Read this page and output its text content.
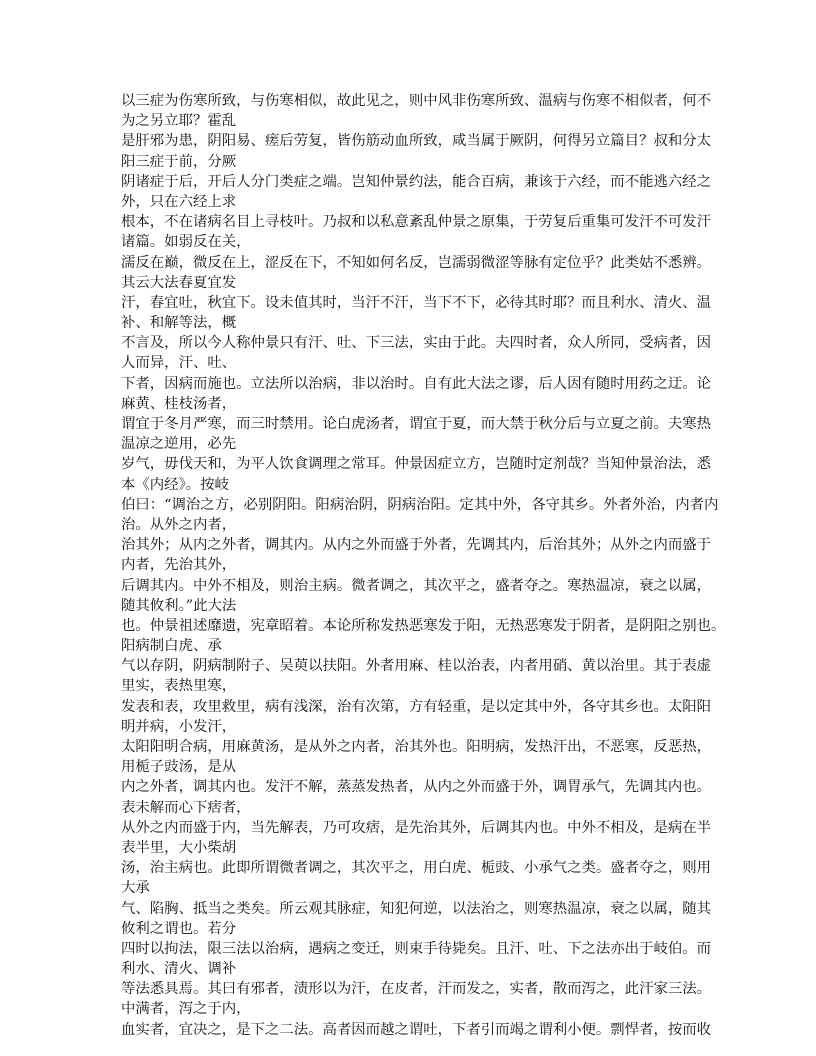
以三症为伤寒所致，与伤寒相似，故此见之，则中风非伤寒所致、温病与伤寒不相似者，何不
为之另立耶？霍乱
是肝邪为患，阴阳易、瘥后劳复，皆伤筋动血所致，咸当属于厥阴，何得另立篇目？叔和分太
阳三症于前，分厥
阴诸症于后，开后人分门类症之端。岂知仲景约法，能合百病，兼该于六经，而不能逃六经之
外，只在六经上求
根本，不在诸病名目上寻枝叶。乃叔和以私意紊乱仲景之原集，于劳复后重集可发汗不可发汗
诸篇。如弱反在关，
濡反在巅，微反在上，涩反在下，不知如何名反，岂濡弱微涩等脉有定位乎？此类姑不悉辨。
其云大法春夏宜发
汗，春宜吐，秋宜下。设未值其时，当汗不汗，当下不下，必待其时耶？而且利水、清火、温
补、和解等法，概
不言及，所以今人称仲景只有汗、吐、下三法，实由于此。夫四时者，众人所同，受病者，因
人而异，汗、吐、
下者，因病而施也。立法所以治病，非以治时。自有此大法之谬，后人因有随时用药之迂。论
麻黄、桂枝汤者，
谓宜于冬月严寒，而三时禁用。论白虎汤者，谓宜于夏，而大禁于秋分后与立夏之前。夫寒热
温凉之逆用，必先
岁气，毋伐天和，为平人饮食调理之常耳。仲景因症立方，岂随时定剂哉？当知仲景治法，悉
本《内经》。按岐
伯曰：“调治之方，必别阴阳。阳病治阴，阴病治阳。定其中外，各守其乡。外者外治，内者内
治。从外之内者，
治其外；从内之外者，调其内。从内之外而盛于外者，先调其内，后治其外；从外之内而盛于
内者，先治其外，
后调其内。中外不相及，则治主病。微者调之，其次平之，盛者夺之。寒热温凉，衰之以属，
随其攸利。”此大法
也。仲景祖述靡遗，宪章昭着。本论所称发热恶寒发于阳，无热恶寒发于阴者，是阴阳之别也。
阳病制白虎、承
气以存阴，阴病制附子、吴萸以扶阳。外者用麻、桂以治表，内者用硝、黄以治里。其于表虚
里实，表热里寒，
发表和表，攻里救里，病有浅深，治有次第，方有轻重，是以定其中外，各守其乡也。太阳阳
明并病，小发汗，
太阳阳明合病，用麻黄汤，是从外之内者，治其外也。阳明病，发热汗出，不恶寒，反恶热，
用栀子豉汤，是从
内之外者，调其内也。发汗不解，蒸蒸发热者，从内之外而盛于外，调胃承气，先调其内也。
表未解而心下痞者，
从外之内而盛于内，当先解表，乃可攻痞，是先治其外，后调其内也。中外不相及，是病在半
表半里，大小柴胡
汤，治主病也。此即所谓微者调之，其次平之，用白虎、栀豉、小承气之类。盛者夺之，则用
大承
气、陷胸、抵当之类矣。所云观其脉症，知犯何逆，以法治之，则寒热温凉，衰之以属，随其
攸利之谓也。若分
四时以拘法，限三法以治病，遇病之变迁，则束手待毙矣。且汗、吐、下之法亦出于岐伯。而
利水、清火、调补
等法悉具焉。其曰有邪者，渍形以为汗，在皮者，汗而发之，实者，散而泻之，此汗家三法。
中满者，泻之于内，
血实者，宜决之，是下之二法。高者因而越之谓吐，下者引而竭之谓利小便。剽悍者，按而收
